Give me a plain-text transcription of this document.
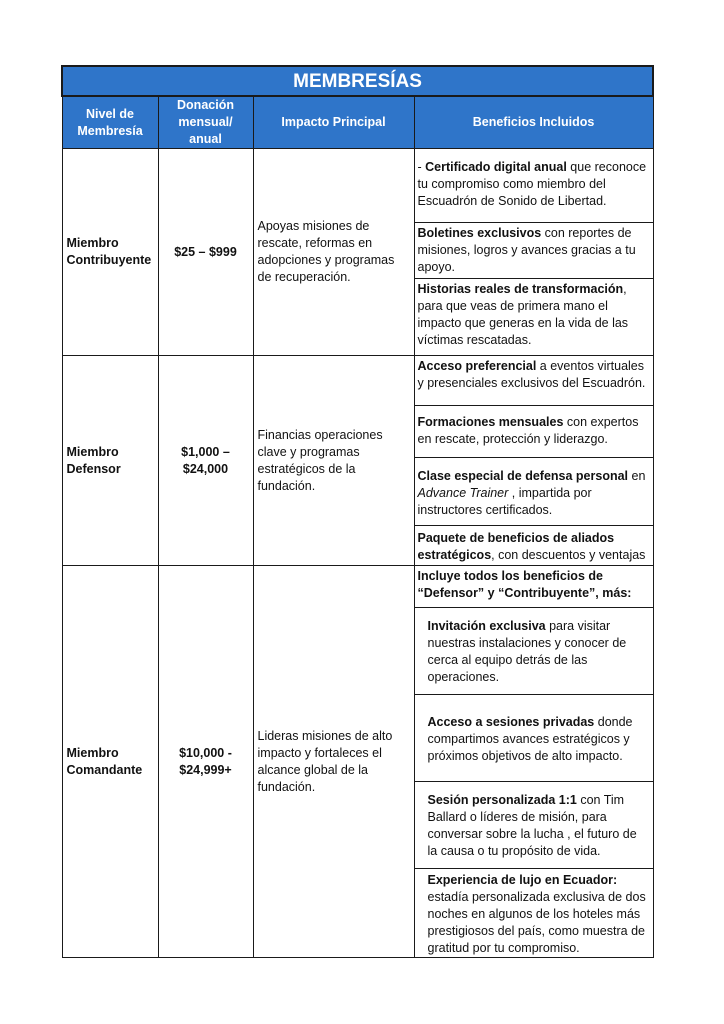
MEMBRESÍAS			
Nivel de Membresía	Donación mensual/ anual	Impacto Principal	Beneficios Incluidos
Miembro Contribuyente	$25 – $999	Apoyas misiones de rescate, reformas en adopciones y programas de recuperación.	- Certificado digital anual que reconoce tu compromiso como miembro del Escuadrón de Sonido de Libertad.
Boletines exclusivos con reportes de misiones, logros y avances gracias a tu apoyo.
Historias reales de transformación, para que veas de primera mano el impacto que generas en la vida de las víctimas rescatadas.

Miembro Defensor	$1,000 – $24,000	Financias operaciones clave y programas estratégicos de la fundación.	Acceso preferencial a eventos virtuales y presenciales exclusivos del Escuadrón.
Formaciones mensuales con expertos en rescate, protección y liderazgo.
Clase especial de defensa personal en Advance Trainer , impartida por instructores certificados.
Paquete de beneficios de aliados estratégicos, con descuentos y ventajas

Miembro Comandante	$10,000 - $24,999+	Lideras misiones de alto impacto y fortaleces el alcance global de la fundación.	Incluye todos los beneficios de “Defensor” y “Contribuyente”, más:
Invitación exclusiva para visitar nuestras instalaciones y conocer de cerca al equipo detrás de las operaciones.
Acceso a sesiones privadas donde compartimos avances estratégicos y próximos objetivos de alto impacto.
Sesión personalizada 1:1 con Tim Ballard o líderes de misión, para conversar sobre la lucha , el futuro de la causa o tu propósito de vida.
Experiencia de lujo en Ecuador: estadía personalizada exclusiva de dos noches en algunos de los hoteles más prestigiosos del país, como muestra de gratitud por tu compromiso.
